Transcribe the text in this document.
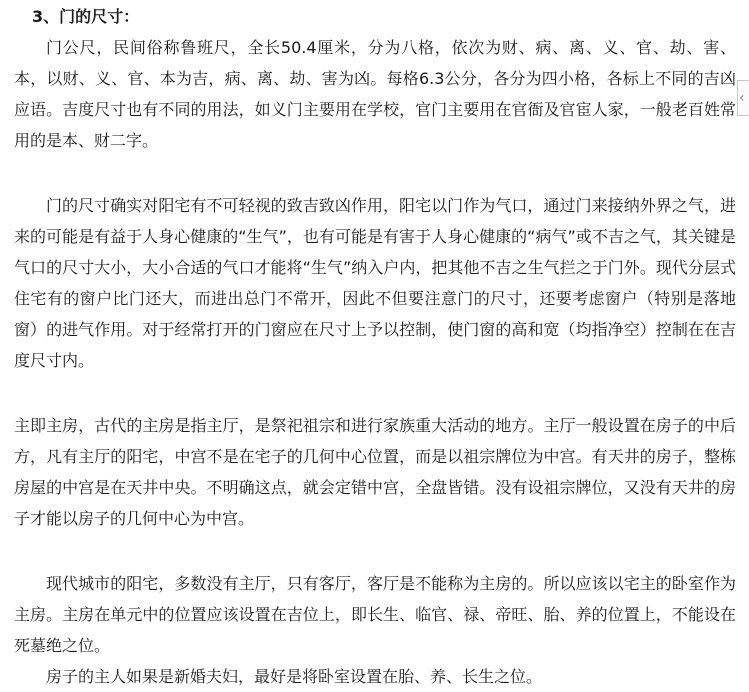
3、门的尺寸：

门公尺，民间俗称鲁班尺，全长50.4厘米，分为八格，依次为财、病、离、义、官、劫、害、本，以财、义、官、本为吉，病、离、劫、害为凶。每格6.3公分，各分为四小格，各标上不同的吉凶应语。吉度尺寸也有不同的用法，如义门主要用在学校，官门主要用在官衙及官宦人家，一般老百姓常用的是本、财二字。

门的尺寸确实对阳宅有不可轻视的致吉致凶作用，阳宅以门作为气口，通过门来接纳外界之气，进来的可能是有益于人身心健康的“生气”，也有可能是有害于人身心健康的“病气”或不吉之气，其关键是气口的尺寸大小，大小合适的气口才能将“生气”纳入户内，把其他不吉之生气拦之于门外。现代分层式住宅有的窗户比门还大，而进出总门不常开，因此不但要注意门的尺寸，还要考虑窗户（特别是落地窗）的进气作用。对于经常打开的门窗应在尺寸上予以控制，使门窗的高和宽（均指净空）控制在在吉度尺寸内。

主即主房，古代的主房是指主厅，是祭祀祖宗和进行家族重大活动的地方。主厅一般设置在房子的中后方，凡有主厅的阳宅，中宫不是在宅子的几何中心位置，而是以祖宗牌位为中宫。有天井的房子，整栋房屋的中宫是在天井中央。不明确这点，就会定错中宫，全盘皆错。没有设祖宗牌位，又没有天井的房子才能以房子的几何中心为中宫。

现代城市的阳宅，多数没有主厅，只有客厅，客厅是不能称为主房的。所以应该以宅主的卧室作为主房。主房在单元中的位置应该设置在吉位上，即长生、临官、禄、帝旺、胎、养的位置上，不能设在死墓绝之位。

房子的主人如果是新婚夫妇，最好是将卧室设置在胎、养、长生之位。

‹
